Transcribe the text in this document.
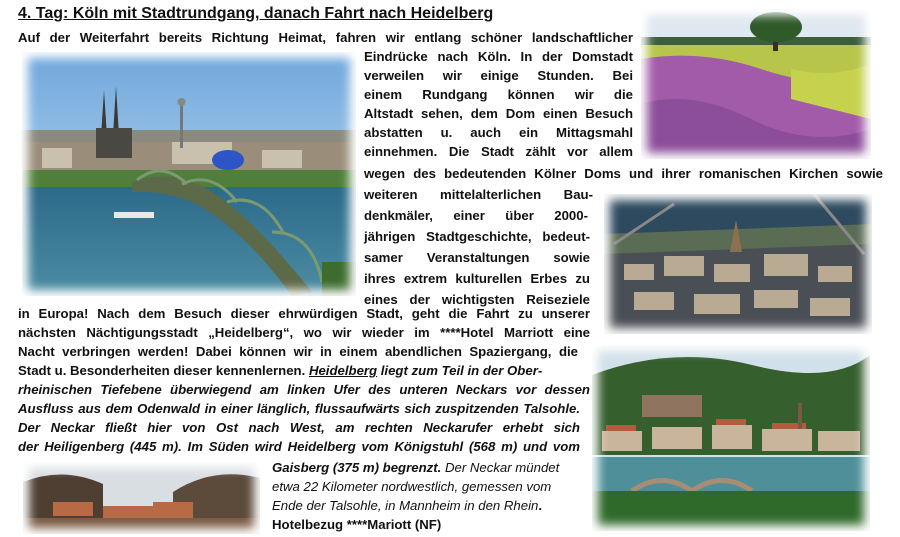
4. Tag: Köln mit Stadtrundgang, danach Fahrt nach Heidelberg
Auf der Weiterfahrt bereits Richtung Heimat, fahren wir entlang schöner landschaftlicher
Eindrücke nach Köln. In der Domstadt
verweilen wir einige Stunden. Bei
einem Rundgang können wir die
Altstadt sehen, dem Dom einen Besuch
abstatten u. auch ein Mittagsmahl
einnehmen. Die Stadt zählt vor allem
wegen des bedeutenden Kölner Doms und ihrer romanischen Kirchen sowie
weiteren mittelalterlichen Bau-
denkmäler, einer über 2000-
jährigen Stadtgeschichte, bedeut-
samer Veranstaltungen sowie
ihres extrem kulturellen Erbes zu
eines der wichtigsten Reiseziele
in Europa! Nach dem Besuch dieser ehrwürdigen Stadt, geht die Fahrt zu unserer
nächsten Nächtigungsstadt „Heidelberg“, wo wir wieder im ****Hotel Marriott eine
Nacht verbringen werden! Dabei können wir in einem abendlichen Spaziergang, die
Stadt u. Besonderheiten dieser kennenlernen. Heidelberg liegt zum Teil in der Ober-
rheinischen Tiefebene überwiegend am linken Ufer des unteren Neckars vor dessen
Ausfluss aus dem Odenwald in einer länglich, flussaufwärts sich zuspitzenden Talsohle.
Der Neckar fließt hier von Ost nach West, am rechten Neckarufer erhebt sich
der Heiligenberg (445 m). Im Süden wird Heidelberg vom Königstuhl (568 m) und vom
Gaisberg (375 m) begrenzt. Der Neckar mündet
etwa 22 Kilometer nordwestlich, gemessen vom
Ende der Talsohle, in Mannheim in den Rhein.
Hotelbezug ****Mariott (NF)
